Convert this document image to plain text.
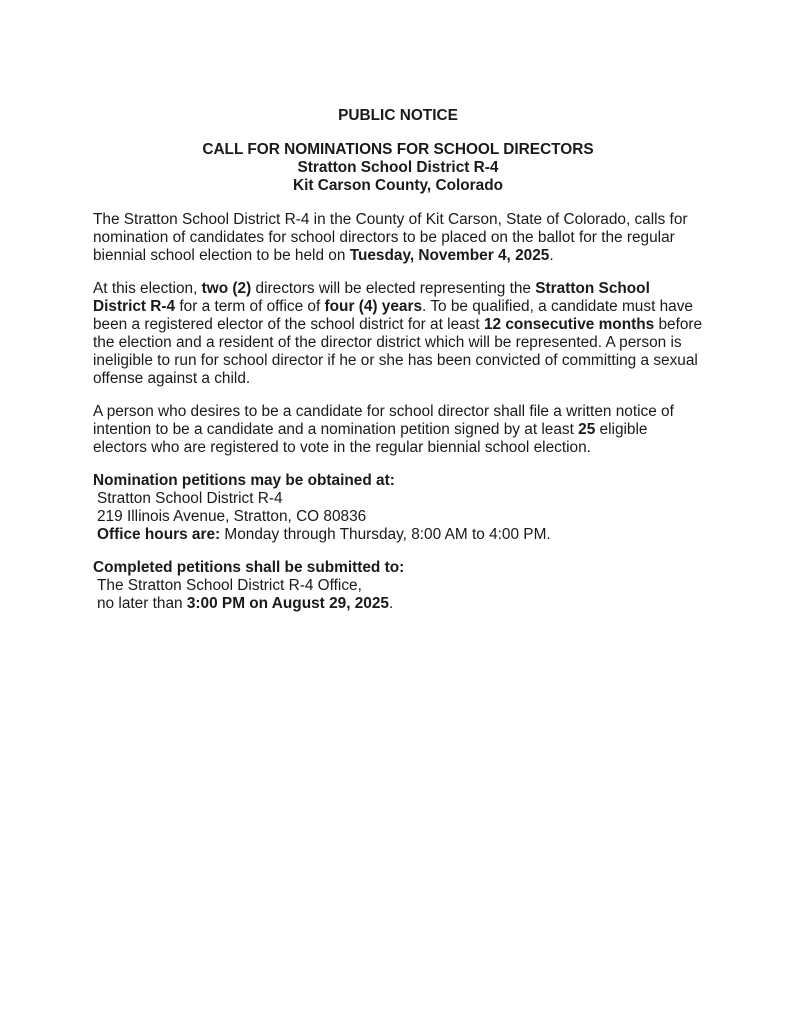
PUBLIC NOTICE
CALL FOR NOMINATIONS FOR SCHOOL DIRECTORS
Stratton School District R-4
Kit Carson County, Colorado

The Stratton School District R-4 in the County of Kit Carson, State of Colorado, calls for nomination of candidates for school directors to be placed on the ballot for the regular biennial school election to be held on Tuesday, November 4, 2025.

At this election, two (2) directors will be elected representing the Stratton School District R-4 for a term of office of four (4) years. To be qualified, a candidate must have been a registered elector of the school district for at least 12 consecutive months before the election and a resident of the director district which will be represented. A person is ineligible to run for school director if he or she has been convicted of committing a sexual offense against a child.

A person who desires to be a candidate for school director shall file a written notice of intention to be a candidate and a nomination petition signed by at least 25 eligible electors who are registered to vote in the regular biennial school election.

Nomination petitions may be obtained at:
Stratton School District R-4
219 Illinois Avenue, Stratton, CO 80836
Office hours are: Monday through Thursday, 8:00 AM to 4:00 PM.
Completed petitions shall be submitted to:
The Stratton School District R-4 Office,
no later than 3:00 PM on August 29, 2025.
